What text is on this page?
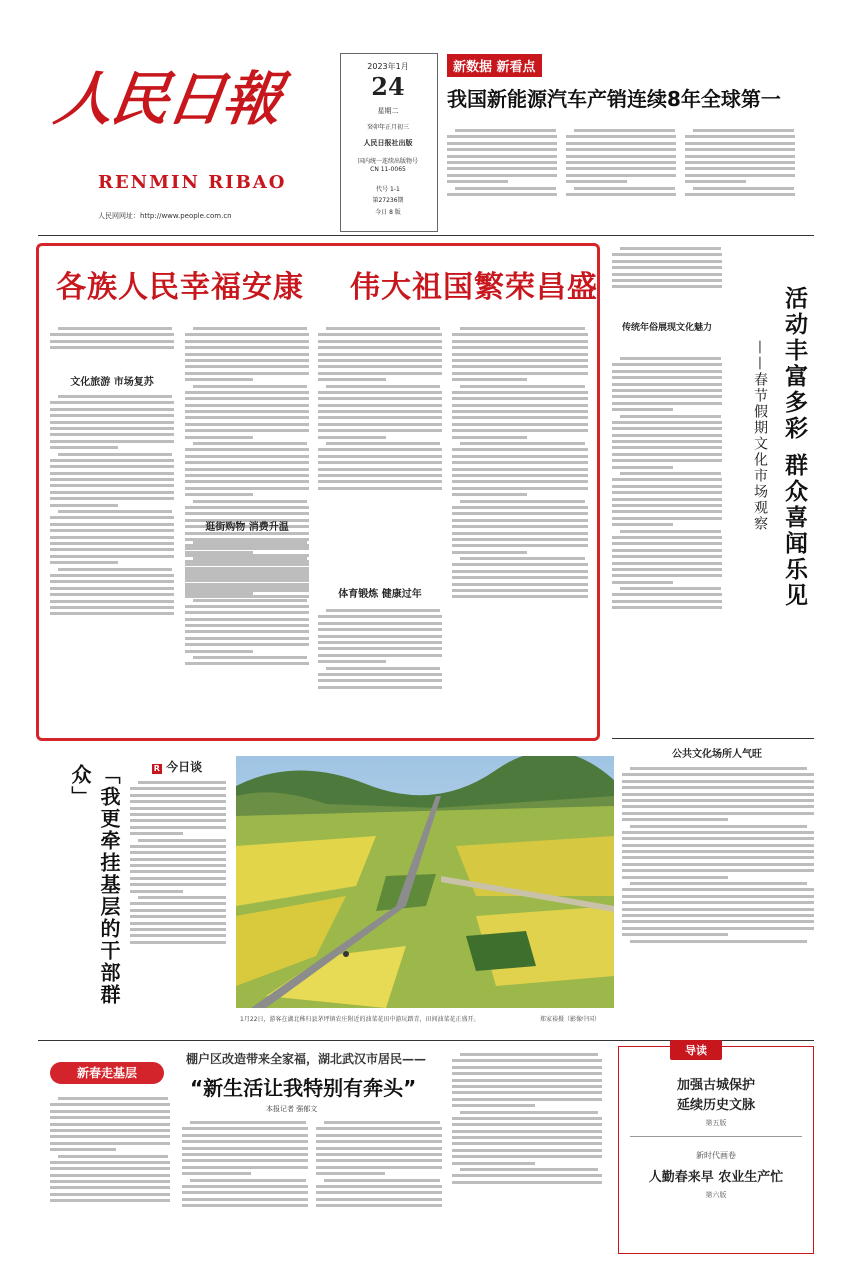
人民日報
RENMIN RIBAO
人民网网址：http://www.people.com.cn
2023年1月
24
星期二
癸卯年正月初三
人民日报社出版
国内统一连续出版物号
CN 11-0065
代号 1-1
第27236期
今日 8 版
新数据 新看点
我国新能源汽车产销连续8年全球第一
各族人民幸福安康 伟大祖国繁荣昌盛
文化旅游 市场复苏
逛街购物 消费升温
体育锻炼 健康过年
传统年俗展现文化魅力	活动丰富多彩 群众喜闻乐见
——春节假期文化市场观察
「我更牵挂基层的干部群众」	R 今日谈
1月22日，游客在湖北秭归县茅坪镇农庄附近的油菜花田中游玩踏青，田间油菜花正盛开。	郑家裕摄（影像中国）
公共文化场所人气旺
新春走基层
棚户区改造带来全家福，湖北武汉市居民——
“新生活让我特别有奔头”
本报记者 强郁文
导读
加强古城保护
延续历史文脉
第五版
新时代画卷
人勤春来早 农业生产忙
第六版
